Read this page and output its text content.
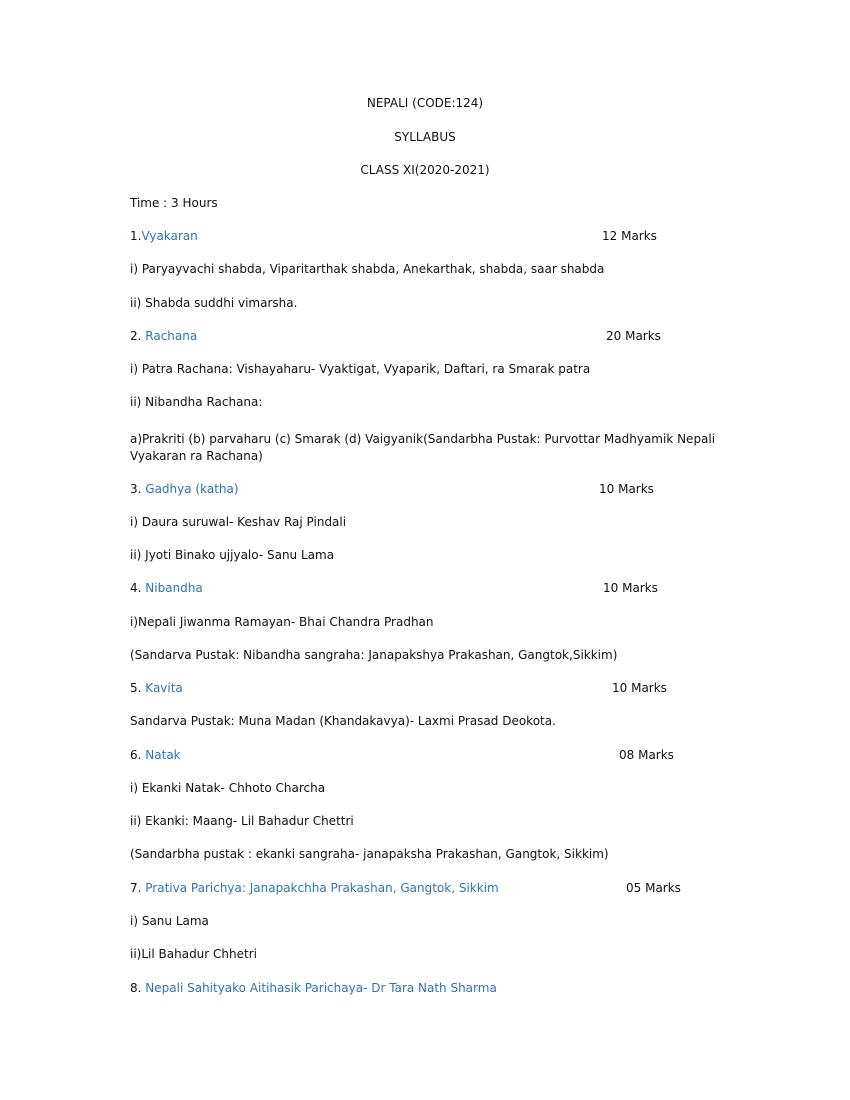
NEPALI (CODE:124)
SYLLABUS
CLASS XI(2020-2021)
Time : 3 Hours
1.Vyakaran	12 Marks
i) Paryayvachi shabda, Viparitarthak shabda, Anekarthak, shabda, saar shabda
ii) Shabda suddhi vimarsha.
2. Rachana	20 Marks
i) Patra Rachana: Vishayaharu- Vyaktigat, Vyaparik, Daftari, ra Smarak patra
ii) Nibandha Rachana:
a)Prakriti (b) parvaharu (c) Smarak (d) Vaigyanik(Sandarbha Pustak: Purvottar Madhyamik Nepali Vyakaran ra Rachana)
3. Gadhya (katha)	10 Marks
i) Daura suruwal- Keshav Raj Pindali
ii) Jyoti Binako ujjyalo- Sanu Lama
4. Nibandha	10 Marks
i)Nepali Jiwanma Ramayan- Bhai Chandra Pradhan
(Sandarva Pustak: Nibandha sangraha: Janapakshya Prakashan, Gangtok,Sikkim)
5. Kavita	10 Marks
Sandarva Pustak: Muna Madan (Khandakavya)- Laxmi Prasad Deokota.
6. Natak	08 Marks
i) Ekanki Natak- Chhoto Charcha
ii) Ekanki: Maang- Lil Bahadur Chettri
(Sandarbha pustak : ekanki sangraha- janapaksha Prakashan, Gangtok, Sikkim)
7. Prativa Parichya: Janapakchha Prakashan, Gangtok, Sikkim	05 Marks
i) Sanu Lama
ii)Lil Bahadur Chhetri
8. Nepali Sahityako Aitihasik Parichaya- Dr Tara Nath Sharma
